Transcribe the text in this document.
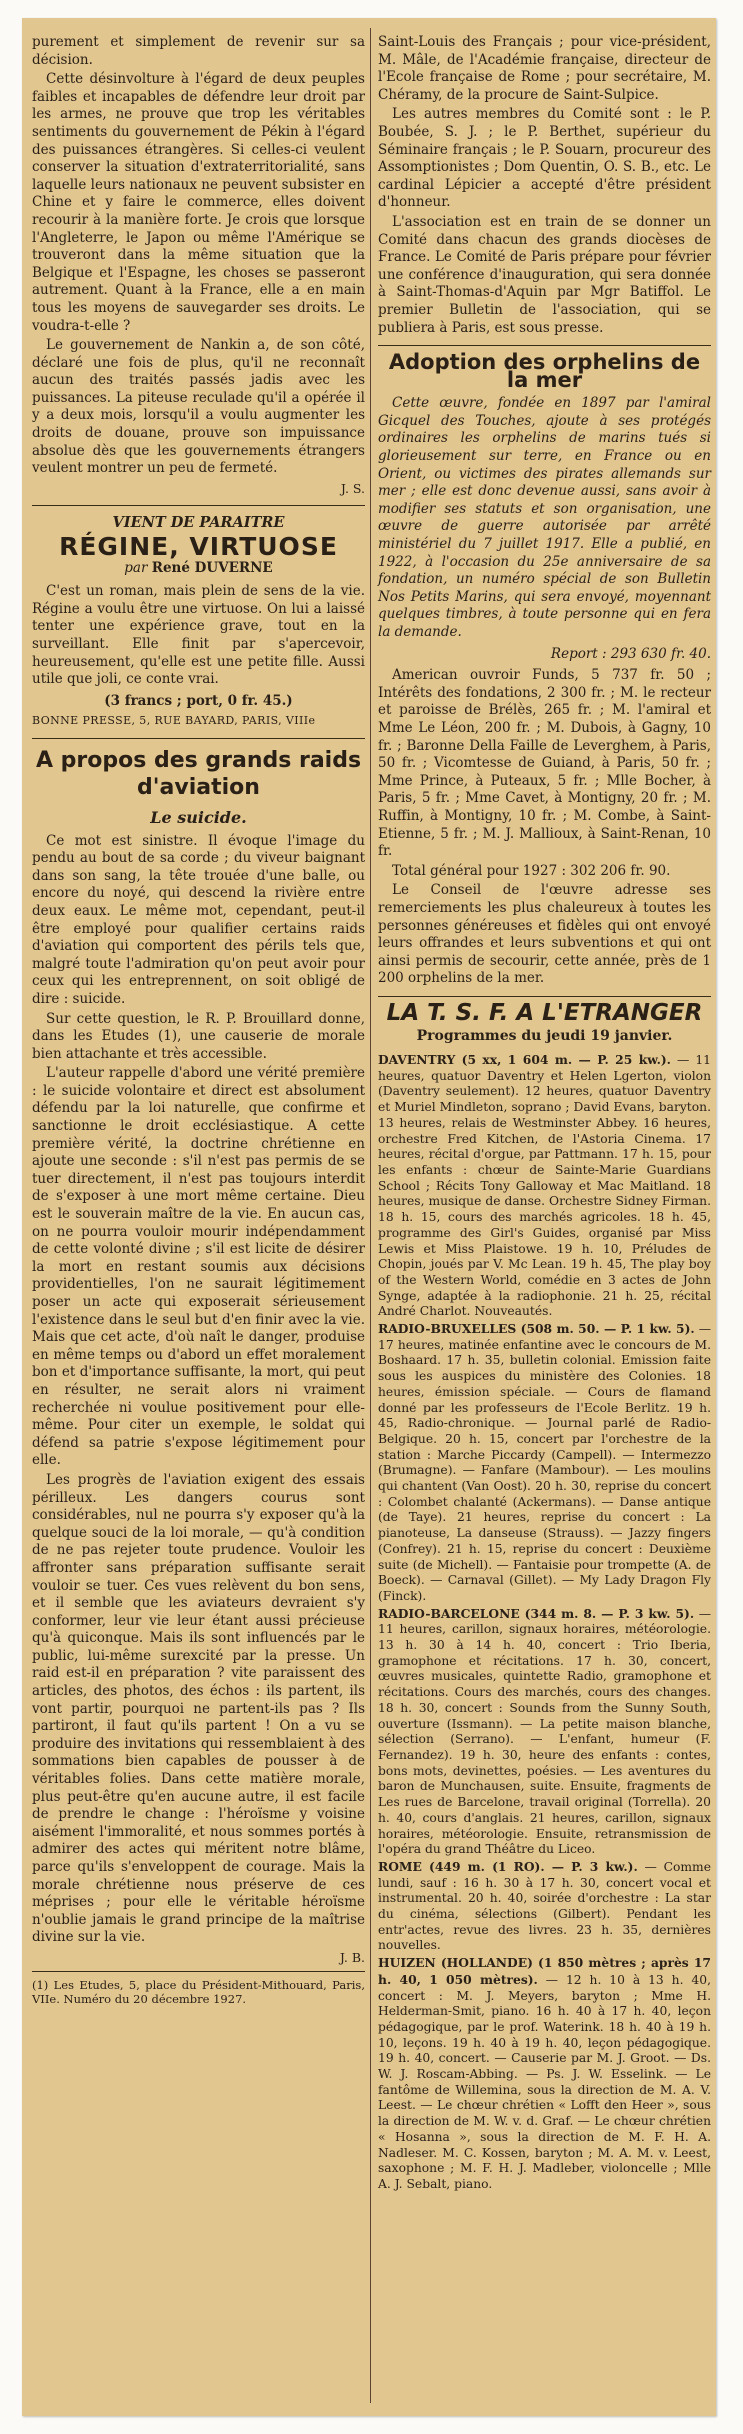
purement et simplement de revenir sur sa décision.

Cette désinvolture à l'égard de deux peuples faibles et incapables de défendre leur droit par les armes, ne prouve que trop les véritables sentiments du gouvernement de Pékin à l'égard des puissances étrangères. Si celles-ci veulent conserver la situation d'extraterritorialité, sans laquelle leurs nationaux ne peuvent subsister en Chine et y faire le commerce, elles doivent recourir à la manière forte. Je crois que lorsque l'Angleterre, le Japon ou même l'Amérique se trouveront dans la même situation que la Belgique et l'Espagne, les choses se passeront autrement. Quant à la France, elle a en main tous les moyens de sauvegarder ses droits. Le voudra-t-elle ?

Le gouvernement de Nankin a, de son côté, déclaré une fois de plus, qu'il ne reconnaît aucun des traités passés jadis avec les puissances. La piteuse reculade qu'il a opérée il y a deux mois, lorsqu'il a voulu augmenter les droits de douane, prouve son impuissance absolue dès que les gouvernements étrangers veulent montrer un peu de fermeté.

J. S.
VIENT DE PARAITRE
RÉGINE, VIRTUOSE
par René DUVERNE

C'est un roman, mais plein de sens de la vie. Régine a voulu être une virtuose. On lui a laissé tenter une expérience grave, tout en la surveillant. Elle finit par s'apercevoir, heureusement, qu'elle est une petite fille. Aussi utile que joli, ce conte vrai.

(3 francs ; port, 0 fr. 45.)

BONNE PRESSE, 5, RUE BAYARD, PARIS, VIIIe

A propos des grands raids d'aviation
Le suicide.

Ce mot est sinistre. Il évoque l'image du pendu au bout de sa corde ; du viveur baignant dans son sang, la tête trouée d'une balle, ou encore du noyé, qui descend la rivière entre deux eaux. Le même mot, cependant, peut-il être employé pour qualifier certains raids d'aviation qui comportent des périls tels que, malgré toute l'admiration qu'on peut avoir pour ceux qui les entreprennent, on soit obligé de dire : suicide.

Sur cette question, le R. P. Brouillard donne, dans les Etudes (1), une causerie de morale bien attachante et très accessible.

L'auteur rappelle d'abord une vérité première : le suicide volontaire et direct est absolument défendu par la loi naturelle, que confirme et sanctionne le droit ecclésiastique. A cette première vérité, la doctrine chrétienne en ajoute une seconde : s'il n'est pas permis de se tuer directement, il n'est pas toujours interdit de s'exposer à une mort même certaine. Dieu est le souverain maître de la vie. En aucun cas, on ne pourra vouloir mourir indépendamment de cette volonté divine ; s'il est licite de désirer la mort en restant soumis aux décisions providentielles, l'on ne saurait légitimement poser un acte qui exposerait sérieusement l'existence dans le seul but d'en finir avec la vie. Mais que cet acte, d'où naît le danger, produise en même temps ou d'abord un effet moralement bon et d'importance suffisante, la mort, qui peut en résulter, ne serait alors ni vraiment recherchée ni voulue positivement pour elle-même. Pour citer un exemple, le soldat qui défend sa patrie s'expose légitimement pour elle.

Les progrès de l'aviation exigent des essais périlleux. Les dangers courus sont considérables, nul ne pourra s'y exposer qu'à la quelque souci de la loi morale, — qu'à condition de ne pas rejeter toute prudence. Vouloir les affronter sans préparation suffisante serait vouloir se tuer. Ces vues relèvent du bon sens, et il semble que les aviateurs devraient s'y conformer, leur vie leur étant aussi précieuse qu'à quiconque. Mais ils sont influencés par le public, lui-même surexcité par la presse. Un raid est-il en préparation ? vite paraissent des articles, des photos, des échos : ils partent, ils vont partir, pourquoi ne partent-ils pas ? Ils partiront, il faut qu'ils partent ! On a vu se produire des invitations qui ressemblaient à des sommations bien capables de pousser à de véritables folies. Dans cette matière morale, plus peut-être qu'en aucune autre, il est facile de prendre le change : l'héroïsme y voisine aisément l'immoralité, et nous sommes portés à admirer des actes qui méritent notre blâme, parce qu'ils s'enveloppent de courage. Mais la morale chrétienne nous préserve de ces méprises ; pour elle le véritable héroïsme n'oublie jamais le grand principe de la maîtrise divine sur la vie.

J. B.

(1) Les Etudes, 5, place du Président-Mithouard, Paris, VIIe. Numéro du 20 décembre 1927.

Saint-Louis des Français ; pour vice-président, M. Mâle, de l'Académie française, directeur de l'Ecole française de Rome ; pour secrétaire, M. Chéramy, de la procure de Saint-Sulpice.

Les autres membres du Comité sont : le P. Boubée, S. J. ; le P. Berthet, supérieur du Séminaire français ; le P. Souarn, procureur des Assomptionistes ; Dom Quentin, O. S. B., etc. Le cardinal Lépicier a accepté d'être président d'honneur.

L'association est en train de se donner un Comité dans chacun des grands diocèses de France. Le Comité de Paris prépare pour février une conférence d'inauguration, qui sera donnée à Saint-Thomas-d'Aquin par Mgr Batiffol. Le premier Bulletin de l'association, qui se publiera à Paris, est sous presse.

Adoption des orphelins de la mer

Cette œuvre, fondée en 1897 par l'amiral Gicquel des Touches, ajoute à ses protégés ordinaires les orphelins de marins tués si glorieusement sur terre, en France ou en Orient, ou victimes des pirates allemands sur mer ; elle est donc devenue aussi, sans avoir à modifier ses statuts et son organisation, une œuvre de guerre autorisée par arrêté ministériel du 7 juillet 1917. Elle a publié, en 1922, à l'occasion du 25e anniversaire de sa fondation, un numéro spécial de son Bulletin Nos Petits Marins, qui sera envoyé, moyennant quelques timbres, à toute personne qui en fera la demande.

Report : 293 630 fr. 40.

American ouvroir Funds, 5 737 fr. 50 ; Intérêts des fondations, 2 300 fr. ; M. le recteur et paroisse de Brélès, 265 fr. ; M. l'amiral et Mme Le Léon, 200 fr. ; M. Dubois, à Gagny, 10 fr. ; Baronne Della Faille de Leverghem, à Paris, 50 fr. ; Vicomtesse de Guiand, à Paris, 50 fr. ; Mme Prince, à Puteaux, 5 fr. ; Mlle Bocher, à Paris, 5 fr. ; Mme Cavet, à Montigny, 20 fr. ; M. Ruffin, à Montigny, 10 fr. ; M. Combe, à Saint-Etienne, 5 fr. ; M. J. Mallioux, à Saint-Renan, 10 fr.

Total général pour 1927 : 302 206 fr. 90.

Le Conseil de l'œuvre adresse ses remerciements les plus chaleureux à toutes les personnes généreuses et fidèles qui ont envoyé leurs offrandes et leurs subventions et qui ont ainsi permis de secourir, cette année, près de 1 200 orphelins de la mer.

LA T. S. F. A L'ETRANGER
Programmes du jeudi 19 janvier.

DAVENTRY (5 xx, 1 604 m. — P. 25 kw.). — 11 heures, quatuor Daventry et Helen Lgerton, violon (Daventry seulement). 12 heures, quatuor Daventry et Muriel Mindleton, soprano ; David Evans, baryton. 13 heures, relais de Westminster Abbey. 16 heures, orchestre Fred Kitchen, de l'Astoria Cinema. 17 heures, récital d'orgue, par Pattmann. 17 h. 15, pour les enfants : chœur de Sainte-Marie Guardians School ; Récits Tony Galloway et Mac Maitland. 18 heures, musique de danse. Orchestre Sidney Firman. 18 h. 15, cours des marchés agricoles. 18 h. 45, programme des Girl's Guides, organisé par Miss Lewis et Miss Plaistowe. 19 h. 10, Préludes de Chopin, joués par V. Mc Lean. 19 h. 45, The play boy of the Western World, comédie en 3 actes de John Synge, adaptée à la radiophonie. 21 h. 25, récital André Charlot. Nouveautés.

RADIO-BRUXELLES (508 m. 50. — P. 1 kw. 5). — 17 heures, matinée enfantine avec le concours de M. Boshaard. 17 h. 35, bulletin colonial. Emission faite sous les auspices du ministère des Colonies. 18 heures, émission spéciale. — Cours de flamand donné par les professeurs de l'Ecole Berlitz. 19 h. 45, Radio-chronique. — Journal parlé de Radio-Belgique. 20 h. 15, concert par l'orchestre de la station : Marche Piccardy (Campell). — Intermezzo (Brumagne). — Fanfare (Mambour). — Les moulins qui chantent (Van Oost). 20 h. 30, reprise du concert : Colombet chalanté (Ackermans). — Danse antique (de Taye). 21 heures, reprise du concert : La pianoteuse, La danseuse (Strauss). — Jazzy fingers (Confrey). 21 h. 15, reprise du concert : Deuxième suite (de Michell). — Fantaisie pour trompette (A. de Boeck). — Carnaval (Gillet). — My Lady Dragon Fly (Finck).

RADIO-BARCELONE (344 m. 8. — P. 3 kw. 5). — 11 heures, carillon, signaux horaires, météorologie. 13 h. 30 à 14 h. 40, concert : Trio Iberia, gramophone et récitations. 17 h. 30, concert, œuvres musicales, quintette Radio, gramophone et récitations. Cours des marchés, cours des changes. 18 h. 30, concert : Sounds from the Sunny South, ouverture (Issmann). — La petite maison blanche, sélection (Serrano). — L'enfant, humeur (F. Fernandez). 19 h. 30, heure des enfants : contes, bons mots, devinettes, poésies. — Les aventures du baron de Munchausen, suite. Ensuite, fragments de Les rues de Barcelone, travail original (Torrella). 20 h. 40, cours d'anglais. 21 heures, carillon, signaux horaires, météorologie. Ensuite, retransmission de l'opéra du grand Théâtre du Liceo.

ROME (449 m. (1 RO). — P. 3 kw.). — Comme lundi, sauf : 16 h. 30 à 17 h. 30, concert vocal et instrumental. 20 h. 40, soirée d'orchestre : La star du cinéma, sélections (Gilbert). Pendant les entr'actes, revue des livres. 23 h. 35, dernières nouvelles.

HUIZEN (HOLLANDE) (1 850 mètres ; après 17 h. 40, 1 050 mètres). — 12 h. 10 à 13 h. 40, concert : M. J. Meyers, baryton ; Mme H. Helderman-Smit, piano. 16 h. 40 à 17 h. 40, leçon pédagogique, par le prof. Waterink. 18 h. 40 à 19 h. 10, leçons. 19 h. 40 à 19 h. 40, leçon pédagogique. 19 h. 40, concert. — Causerie par M. J. Groot. — Ds. W. J. Roscam-Abbing. — Ps. J. W. Esselink. — Le fantôme de Willemina, sous la direction de M. A. V. Leest. — Le chœur chrétien « Lofft den Heer », sous la direction de M. W. v. d. Graf. — Le chœur chrétien « Hosanna », sous la direction de M. F. H. A. Nadleser. M. C. Kossen, baryton ; M. A. M. v. Leest, saxophone ; M. F. H. J. Madleber, violoncelle ; Mlle A. J. Sebalt, piano.
